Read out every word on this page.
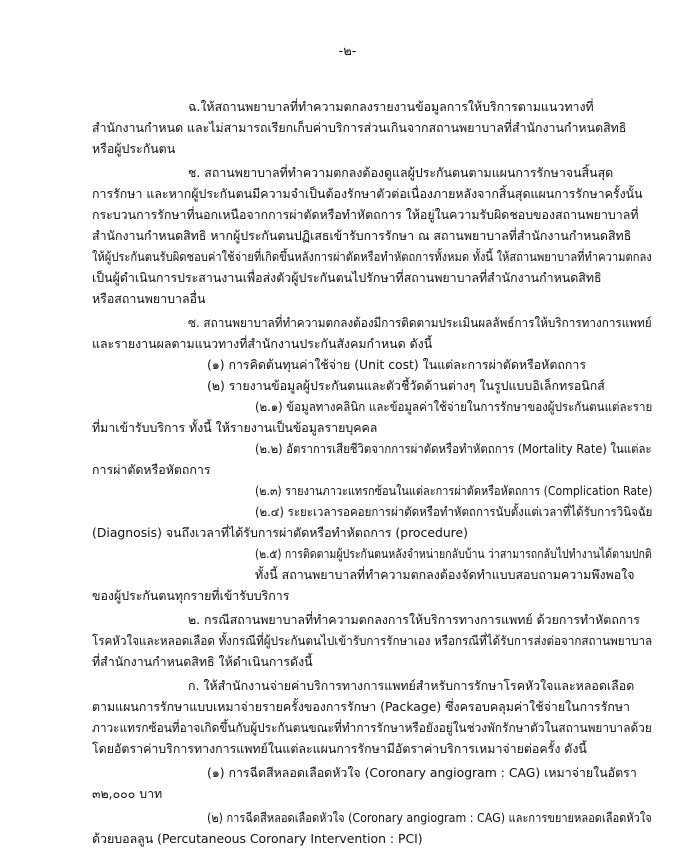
-๒-
ฉ.ให้สถานพยาบาลที่ทำความตกลงรายงานข้อมูลการให้บริการตามแนวทางที่
สำนักงานกำหนด และไม่สามารถเรียกเก็บค่าบริการส่วนเกินจากสถานพยาบาลที่สำนักงานกำหนดสิทธิ
หรือผู้ประกันตน
ช. สถานพยาบาลที่ทำความตกลงต้องดูแลผู้ประกันตนตามแผนการรักษาจนสิ้นสุด
การรักษา และหากผู้ประกันตนมีความจำเป็นต้องรักษาตัวต่อเนื่องภายหลังจากสิ้นสุดแผนการรักษาครั้งนั้น
กระบวนการรักษาที่นอกเหนือจากการผ่าตัดหรือทำหัตถการ ให้อยู่ในความรับผิดชอบของสถานพยาบาลที่
สำนักงานกำหนดสิทธิ หากผู้ประกันตนปฏิเสธเข้ารับการรักษา ณ สถานพยาบาลที่สำนักงานกำหนดสิทธิ
ให้ผู้ประกันตนรับผิดชอบค่าใช้จ่ายที่เกิดขึ้นหลังการผ่าตัดหรือทำหัตถการทั้งหมด ทั้งนี้ ให้สถานพยาบาลที่ทำความตกลง
เป็นผู้ดำเนินการประสานงานเพื่อส่งตัวผู้ประกันตนไปรักษาที่สถานพยาบาลที่สำนักงานกำหนดสิทธิ
หรือสถานพยาบาลอื่น
ซ. สถานพยาบาลที่ทำความตกลงต้องมีการติดตามประเมินผลลัพธ์การให้บริการทางการแพทย์
และรายงานผลตามแนวทางที่สำนักงานประกันสังคมกำหนด ดังนี้
(๑) การคิดต้นทุนค่าใช้จ่าย (Unit cost) ในแต่ละการผ่าตัดหรือหัตถการ
(๒) รายงานข้อมูลผู้ประกันตนและตัวชี้วัดด้านต่างๆ ในรูปแบบอิเล็กทรอนิกส์
(๒.๑) ข้อมูลทางคลินิก และข้อมูลค่าใช้จ่ายในการรักษาของผู้ประกันตนแต่ละราย
ที่มาเข้ารับบริการ ทั้งนี้ ให้รายงานเป็นข้อมูลรายบุคคล
(๒.๒) อัตราการเสียชีวิตจากการผ่าตัดหรือทำหัตถการ (Mortality Rate) ในแต่ละ
การผ่าตัดหรือหัตถการ
(๒.๓) รายงานภาวะแทรกซ้อนในแต่ละการผ่าตัดหรือหัตถการ (Complication Rate)
(๒.๔) ระยะเวลารอคอยการผ่าตัดหรือทำหัตถการนับตั้งแต่เวลาที่ได้รับการวินิจฉัย
(Diagnosis) จนถึงเวลาที่ได้รับการผ่าตัดหรือทำหัตถการ (procedure)
(๒.๕) การติดตามผู้ประกันตนหลังจำหน่ายกลับบ้าน ว่าสามารถกลับไปทำงานได้ตามปกติ
ทั้งนี้ สถานพยาบาลที่ทำความตกลงต้องจัดทำแบบสอบถามความพึงพอใจ
ของผู้ประกันตนทุกรายที่เข้ารับบริการ
๒. กรณีสถานพยาบาลที่ทำความตกลงการให้บริการทางการแพทย์ ด้วยการทำหัตถการ
โรคหัวใจและหลอดเลือด ทั้งกรณีที่ผู้ประกันตนไปเข้ารับการรักษาเอง หรือกรณีที่ได้รับการส่งต่อจากสถานพยาบาล
ที่สำนักงานกำหนดสิทธิ ให้ดำเนินการดังนี้
ก. ให้สำนักงานจ่ายค่าบริการทางการแพทย์สำหรับการรักษาโรคหัวใจและหลอดเลือด
ตามแผนการรักษาแบบเหมาจ่ายรายครั้งของการรักษา (Package) ซึ่งครอบคลุมค่าใช้จ่ายในการรักษา
ภาวะแทรกซ้อนที่อาจเกิดขึ้นกับผู้ประกันตนขณะที่ทำการรักษาหรือยังอยู่ในช่วงพักรักษาตัวในสถานพยาบาลด้วย
โดยอัตราค่าบริการทางการแพทย์ในแต่ละแผนการรักษามีอัตราค่าบริการเหมาจ่ายต่อครั้ง ดังนี้
(๑) การฉีดสีหลอดเลือดหัวใจ (Coronary angiogram : CAG) เหมาจ่ายในอัตรา
๓๒,๐๐๐ บาท
(๒) การฉีดสีหลอดเลือดหัวใจ (Coronary angiogram : CAG) และการขยายหลอดเลือดหัวใจ
ด้วยบอลลูน (Percutaneous Coronary Intervention : PCI)
